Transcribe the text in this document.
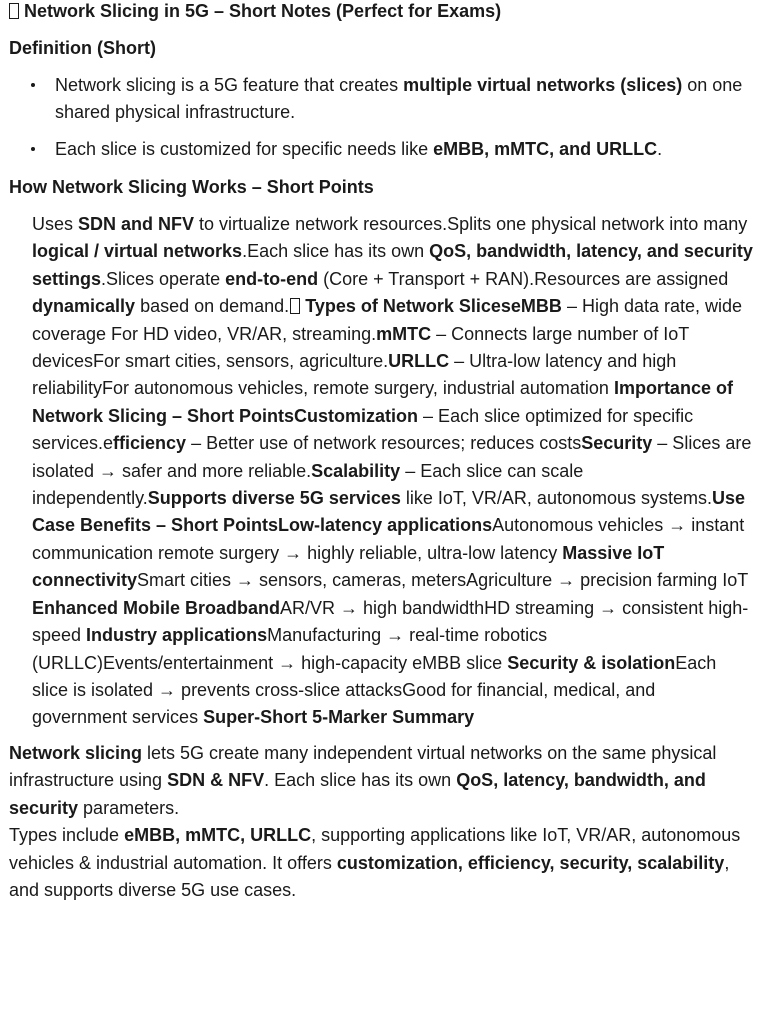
Network Slicing in 5G – Short Notes (Perfect for Exams)
Definition (Short)
Network slicing is a 5G feature that creates multiple virtual networks (slices) on one shared physical infrastructure.
Each slice is customized for specific needs like eMBB, mMTC, and URLLC.
How Network Slicing Works – Short Points

Uses SDN and NFV to virtualize network resources.Splits one physical network into many logical / virtual networks.Each slice has its own QoS, bandwidth, latency, and security settings.Slices operate end-to-end (Core + Transport + RAN).Resources are assigned dynamically based on demand. Types of Network SliceseMBB – High data rate, wide coverage For HD video, VR/AR, streaming.mMTC – Connects large number of IoT devicesFor smart cities, sensors, agriculture.URLLC – Ultra-low latency and high reliabilityFor autonomous vehicles, remote surgery, industrial automation Importance of Network Slicing – Short PointsCustomization – Each slice optimized for specific services.efficiency – Better use of network resources; reduces costsSecurity – Slices are isolated → safer and more reliable.Scalability – Each slice can scale independently.Supports diverse 5G services like IoT, VR/AR, autonomous systems.Use Case Benefits – Short PointsLow-latency applicationsAutonomous vehicles → instant communication remote surgery → highly reliable, ultra-low latency Massive IoT connectivitySmart cities → sensors, cameras, metersAgriculture → precision farming IoT Enhanced Mobile BroadbandAR/VR → high bandwidthHD streaming → consistent high-speed Industry applicationsManufacturing → real-time robotics (URLLC)Events/entertainment → high-capacity eMBB slice Security & isolationEach slice is isolated → prevents cross-slice attacksGood for financial, medical, and government services Super-Short 5-Marker Summary

Network slicing lets 5G create many independent virtual networks on the same physical infrastructure using SDN & NFV. Each slice has its own QoS, latency, bandwidth, and security parameters.
Types include eMBB, mMTC, URLLC, supporting applications like IoT, VR/AR, autonomous vehicles & industrial automation. It offers customization, efficiency, security, scalability, and supports diverse 5G use cases.
